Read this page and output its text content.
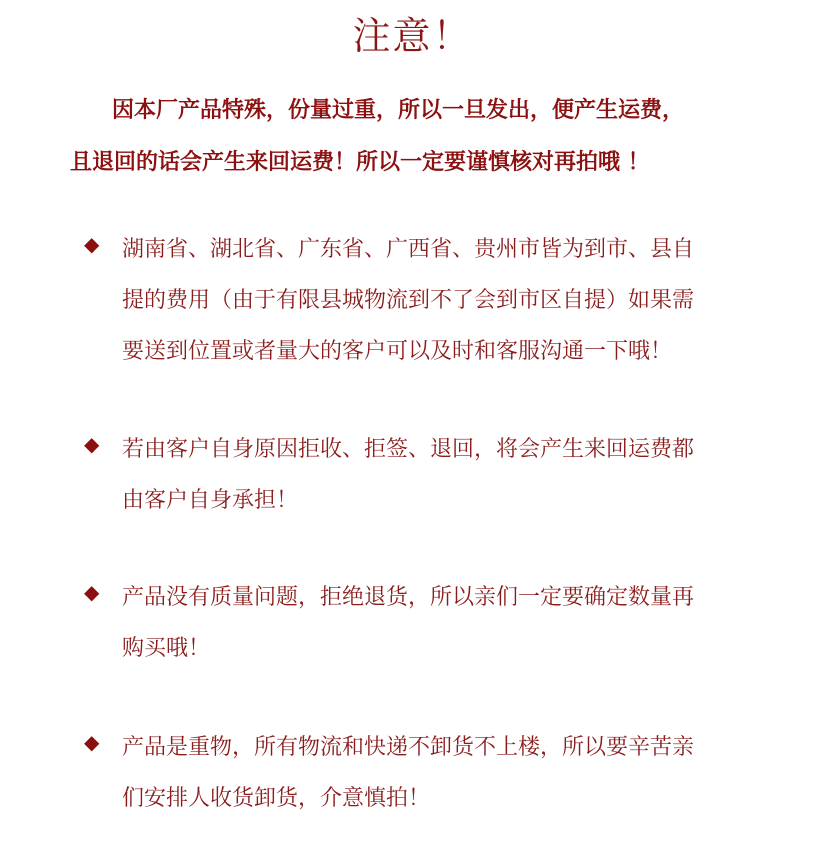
注意！
因本厂产品特殊，份量过重，所以一旦发出，便产生运费，
且退回的话会产生来回运费！所以一定要谨慎核对再拍哦 ！
◆ 湖南省、湖北省、广东省、广西省、贵州市皆为到市、县自
提的费用（由于有限县城物流到不了会到市区自提）如果需
要送到位置或者量大的客户可以及时和客服沟通一下哦！
◆ 若由客户自身原因拒收、拒签、退回，将会产生来回运费都
由客户自身承担！
◆ 产品没有质量问题，拒绝退货，所以亲们一定要确定数量再
购买哦！
◆ 产品是重物，所有物流和快递不卸货不上楼，所以要辛苦亲
们安排人收货卸货，介意慎拍！
